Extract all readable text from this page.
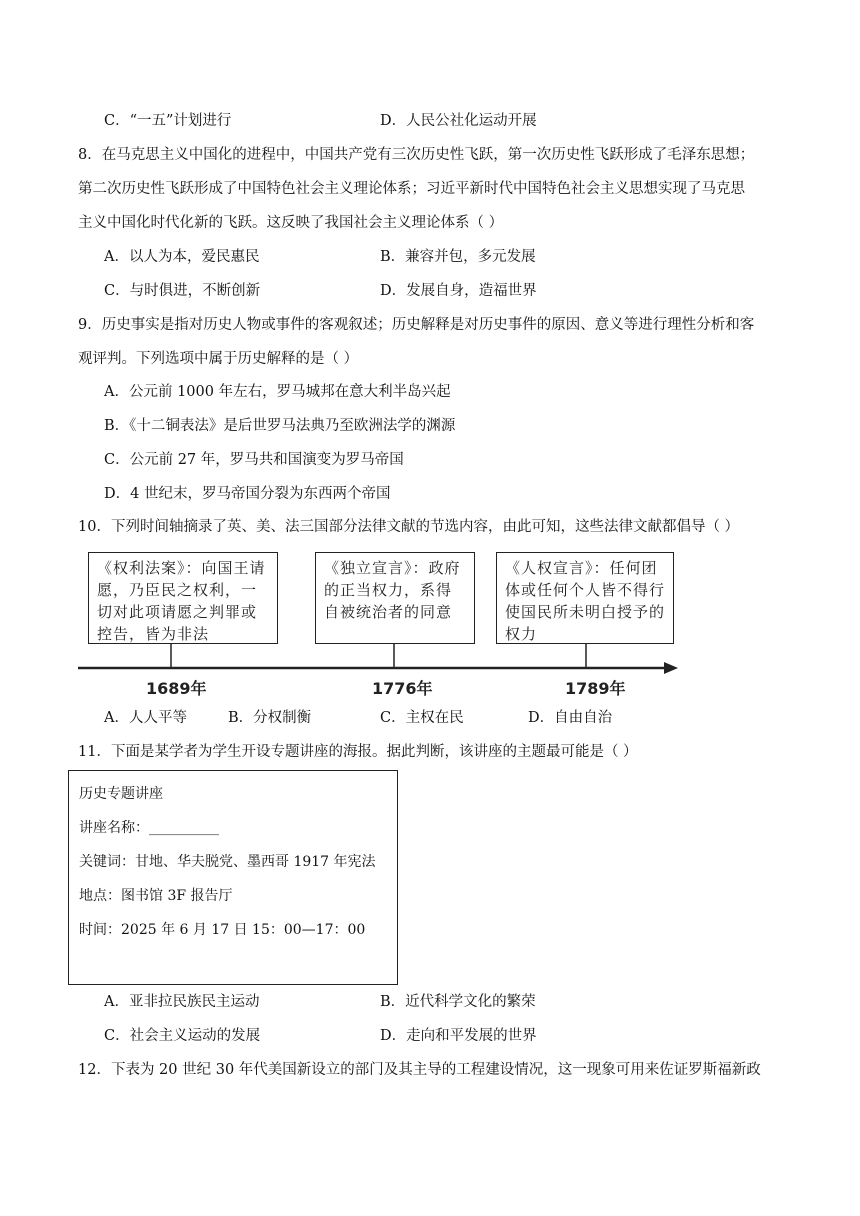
C．“一五”计划进行	D．人民公社化运动开展
8．在马克思主义中国化的进程中，中国共产党有三次历史性飞跃，第一次历史性飞跃形成了毛泽东思想；
第二次历史性飞跃形成了中国特色社会主义理论体系；习近平新时代中国特色社会主义思想实现了马克思
主义中国化时代化新的飞跃。这反映了我国社会主义理论体系（ ）
A．以人为本，爱民惠民	B．兼容并包，多元发展
C．与时俱进，不断创新	D．发展自身，造福世界
9．历史事实是指对历史人物或事件的客观叙述；历史解释是对历史事件的原因、意义等进行理性分析和客
观评判。下列选项中属于历史解释的是（ ）
A．公元前 1000 年左右，罗马城邦在意大利半岛兴起
B．《十二铜表法》是后世罗马法典乃至欧洲法学的渊源
C．公元前 27 年，罗马共和国演变为罗马帝国
D．4 世纪末，罗马帝国分裂为东西两个帝国
10．下列时间轴摘录了英、美、法三国部分法律文献的节选内容，由此可知，这些法律文献都倡导（ ）
《权利法案》：向国王请愿，乃臣民之权利，一切对此项请愿之判罪或控告，皆为非法
《独立宣言》：政府的正当权力，系得自被统治者的同意
《人权宣言》：任何团体或任何个人皆不得行使国民所未明白授予的权力
1689年	1776年	1789年
A．人人平等	B．分权制衡	C．主权在民	D．自由自治
11．下面是某学者为学生开设专题讲座的海报。据此判断，该讲座的主题最可能是（ ）
历史专题讲座
讲座名称：__________
关键词：甘地、华夫脱党、墨西哥 1917 年宪法
地点：图书馆 3F 报告厅
时间：2025 年 6 月 17 日 15：00—17：00
A．亚非拉民族民主运动	B．近代科学文化的繁荣
C．社会主义运动的发展	D．走向和平发展的世界
12．下表为 20 世纪 30 年代美国新设立的部门及其主导的工程建设情况，这一现象可用来佐证罗斯福新政
